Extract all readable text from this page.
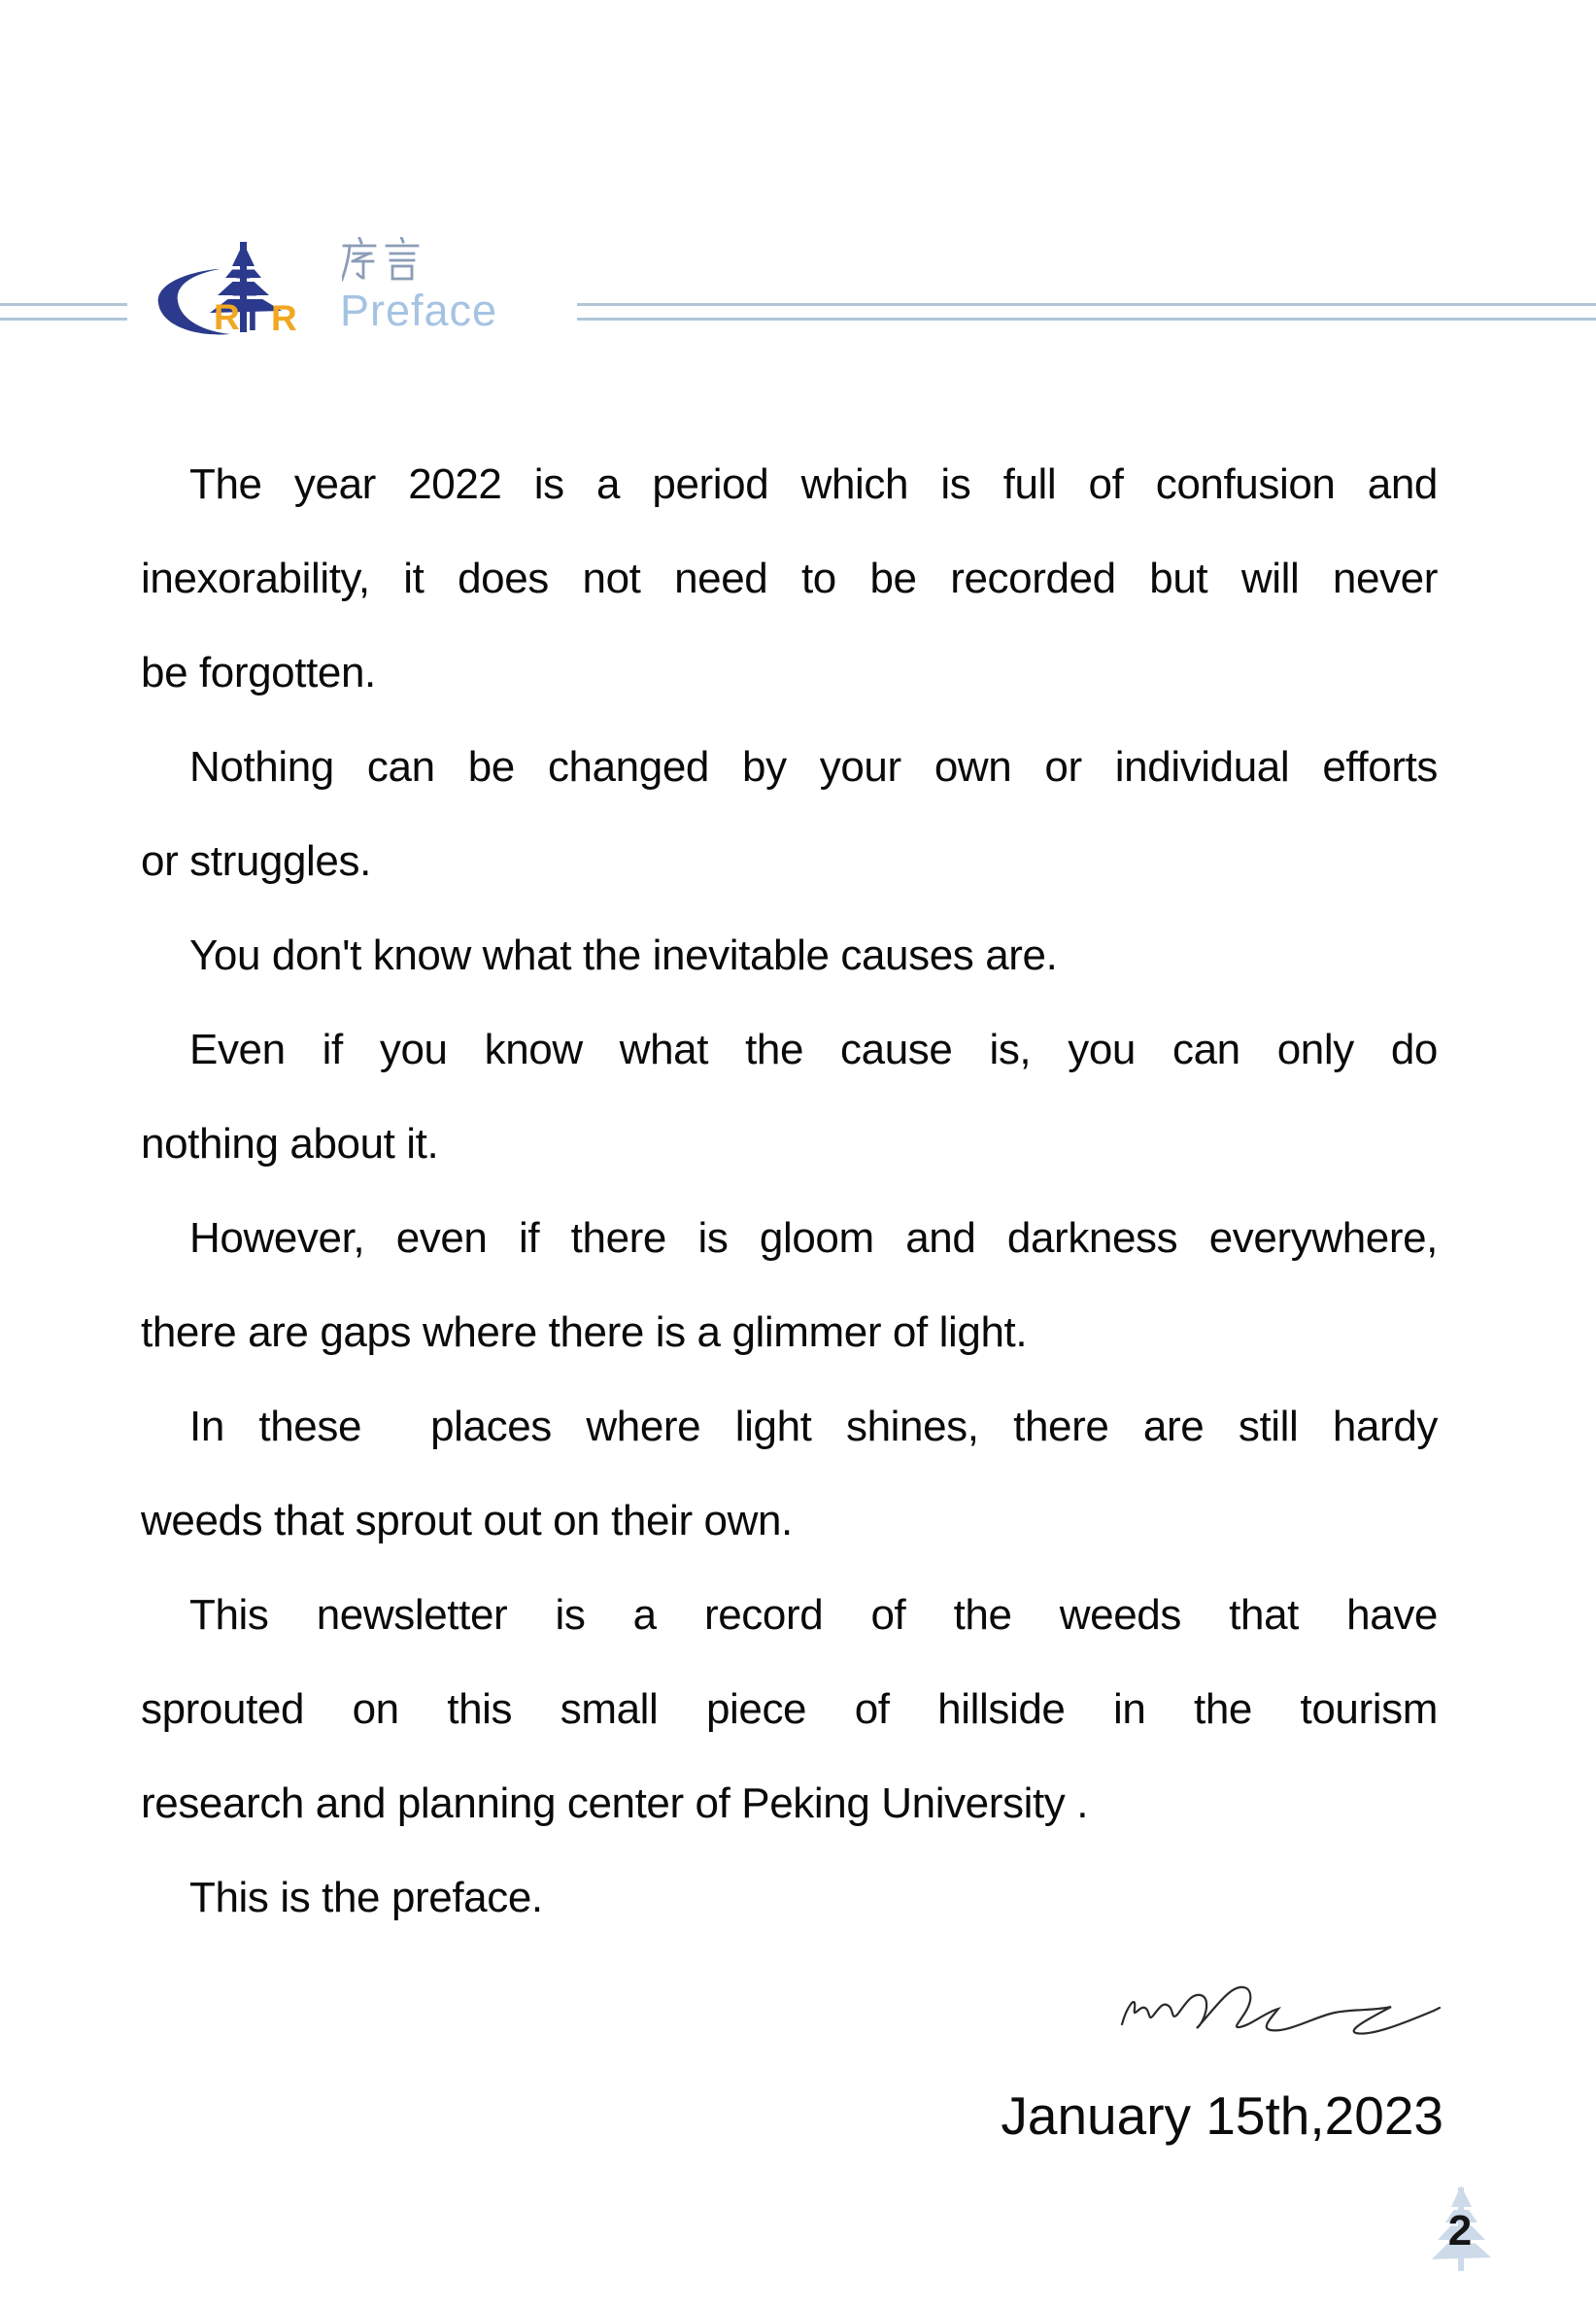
R T R Preface
The year 2022 is a period which is full of confusion and
inexorability, it does not need to be recorded but will never
be forgotten.
Nothing can be changed by your own or individual efforts
or struggles.
You don't know what the inevitable causes are.
Even if you know what the cause is, you can only do
nothing about it.
However, even if there is gloom and darkness everywhere,
there are gaps where there is a glimmer of light.
In these  places where light shines, there are still hardy
weeds that sprout out on their own.
This newsletter is a record of the weeds that have
sprouted on this small piece of hillside in the tourism
research and planning center of Peking University .
This is the preface.
January 15th,2023
2
